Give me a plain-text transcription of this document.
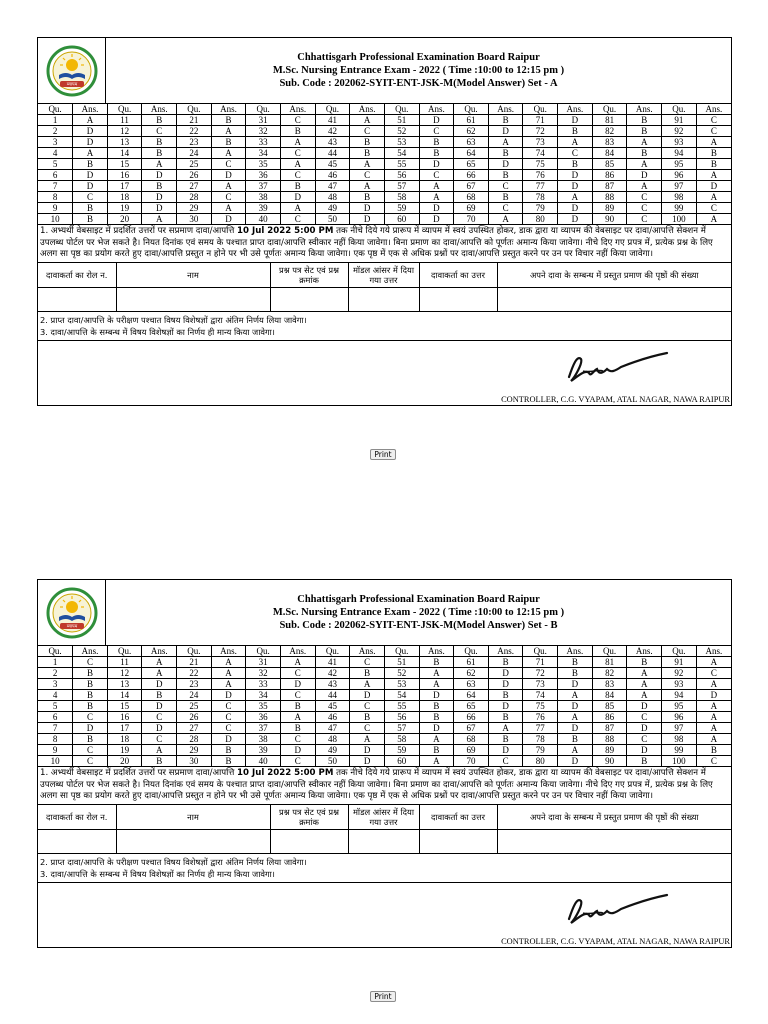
व्यापम
Chhattisgarh Professional Examination Board Raipur
M.Sc. Nursing Entrance Exam - 2022 ( Time :10:00 to 12:15 pm )
Sub. Code : 202062-SYIT-ENT-JSK-M(Model Answer) Set - A
Qu.	Ans.	Qu.	Ans.	Qu.	Ans.	Qu.	Ans.	Qu.	Ans.	Qu.	Ans.	Qu.	Ans.	Qu.	Ans.	Qu.	Ans.	Qu.	Ans.
1	A	11	B	21	B	31	C	41	A	51	D	61	B	71	D	81	B	91	C
2	D	12	C	22	A	32	B	42	C	52	C	62	D	72	B	82	B	92	C
3	D	13	B	23	B	33	A	43	B	53	B	63	A	73	A	83	A	93	A
4	A	14	B	24	A	34	C	44	B	54	B	64	B	74	C	84	B	94	B
5	B	15	A	25	C	35	A	45	A	55	D	65	D	75	B	85	A	95	B
6	D	16	D	26	D	36	C	46	C	56	C	66	B	76	D	86	D	96	A
7	D	17	B	27	A	37	B	47	A	57	A	67	C	77	D	87	A	97	D
8	C	18	D	28	C	38	D	48	B	58	A	68	B	78	A	88	C	98	A
9	B	19	D	29	A	39	A	49	D	59	D	69	C	79	D	89	C	99	C
10	B	20	A	30	D	40	C	50	D	60	D	70	A	80	D	90	C	100	A
1. अभ्यर्थी वेबसाइट में प्रदर्शित उत्तरों पर सप्रमाण दावा/आपत्ति 10 Jul 2022 5:00 PM तक नीचे दिये गये प्रारूप में व्यापम में स्वयं उपस्थित होकर, डाक द्वारा या व्यापम की वेबसाइट पर दावा/आपत्ति सेक्शन में उपलब्ध पोर्टल पर भेज सकते है। नियत दिनांक एवं समय के पश्चात प्राप्त दावा/आपत्ति स्वीकार नहीं किया जावेगा। बिना प्रमाण का दावा/आपत्ति को पूर्णतः अमान्य किया जावेगा। नीचे दिए गए प्रपत्र में, प्रत्येक प्रश्न के लिए अलग सा पृष्ठ का प्रयोग करते हुए दावा/आपत्ति प्रस्तुत न होने पर भी उसे पूर्णतः अमान्य किया जावेगा। एक पृष्ठ में एक से अधिक प्रश्नों पर दावा/आपत्ति प्रस्तुत करने पर उन पर विचार नहीं किया जावेगा।
दावाकर्ता का रोल न.	नाम	प्रश्न पत्र सेट एवं प्रश्न क्रमांक	मॉडल आंसर में दिया गया उत्तर	दावाकर्ता का उत्तर	अपने दावा के सम्बन्ध में प्रस्तुत प्रमाण की पृष्ठों की संख्या

2. प्राप्त दावा/आपत्ति के परीक्षण पश्चात विषय विशेषज्ञों द्वारा अंतिम निर्णय लिया जावेगा।
3. दावा/आपत्ति के सम्बन्ध में विषय विशेषज्ञों का निर्णय ही मान्य किया जावेगा।
CONTROLLER, C.G. VYAPAM, ATAL NAGAR, NAWA RAIPUR
Print
व्यापम
Chhattisgarh Professional Examination Board Raipur
M.Sc. Nursing Entrance Exam - 2022 ( Time :10:00 to 12:15 pm )
Sub. Code : 202062-SYIT-ENT-JSK-M(Model Answer) Set - B
Qu.	Ans.	Qu.	Ans.	Qu.	Ans.	Qu.	Ans.	Qu.	Ans.	Qu.	Ans.	Qu.	Ans.	Qu.	Ans.	Qu.	Ans.	Qu.	Ans.
1	C	11	A	21	A	31	A	41	C	51	B	61	B	71	B	81	B	91	A
2	B	12	A	22	A	32	C	42	B	52	A	62	D	72	B	82	A	92	C
3	B	13	D	23	A	33	D	43	A	53	A	63	D	73	D	83	A	93	A
4	B	14	B	24	D	34	C	44	D	54	D	64	B	74	A	84	A	94	D
5	B	15	D	25	C	35	B	45	C	55	B	65	D	75	D	85	D	95	A
6	C	16	C	26	C	36	A	46	B	56	B	66	B	76	A	86	C	96	A
7	D	17	D	27	C	37	B	47	C	57	D	67	A	77	D	87	D	97	A
8	B	18	C	28	D	38	C	48	A	58	A	68	B	78	B	88	C	98	A
9	C	19	A	29	B	39	D	49	D	59	B	69	D	79	A	89	D	99	B
10	C	20	B	30	B	40	C	50	D	60	A	70	C	80	D	90	B	100	C
1. अभ्यर्थी वेबसाइट में प्रदर्शित उत्तरों पर सप्रमाण दावा/आपत्ति 10 Jul 2022 5:00 PM तक नीचे दिये गये प्रारूप में व्यापम में स्वयं उपस्थित होकर, डाक द्वारा या व्यापम की वेबसाइट पर दावा/आपत्ति सेक्शन में उपलब्ध पोर्टल पर भेज सकते है। नियत दिनांक एवं समय के पश्चात प्राप्त दावा/आपत्ति स्वीकार नहीं किया जावेगा। बिना प्रमाण का दावा/आपत्ति को पूर्णतः अमान्य किया जावेगा। नीचे दिए गए प्रपत्र में, प्रत्येक प्रश्न के लिए अलग सा पृष्ठ का प्रयोग करते हुए दावा/आपत्ति प्रस्तुत न होने पर भी उसे पूर्णतः अमान्य किया जावेगा। एक पृष्ठ में एक से अधिक प्रश्नों पर दावा/आपत्ति प्रस्तुत करने पर उन पर विचार नहीं किया जावेगा।
दावाकर्ता का रोल न.	नाम	प्रश्न पत्र सेट एवं प्रश्न क्रमांक	मॉडल आंसर में दिया गया उत्तर	दावाकर्ता का उत्तर	अपने दावा के सम्बन्ध में प्रस्तुत प्रमाण की पृष्ठों की संख्या

2. प्राप्त दावा/आपत्ति के परीक्षण पश्चात विषय विशेषज्ञों द्वारा अंतिम निर्णय लिया जावेगा।
3. दावा/आपत्ति के सम्बन्ध में विषय विशेषज्ञों का निर्णय ही मान्य किया जावेगा।
CONTROLLER, C.G. VYAPAM, ATAL NAGAR, NAWA RAIPUR
Print
